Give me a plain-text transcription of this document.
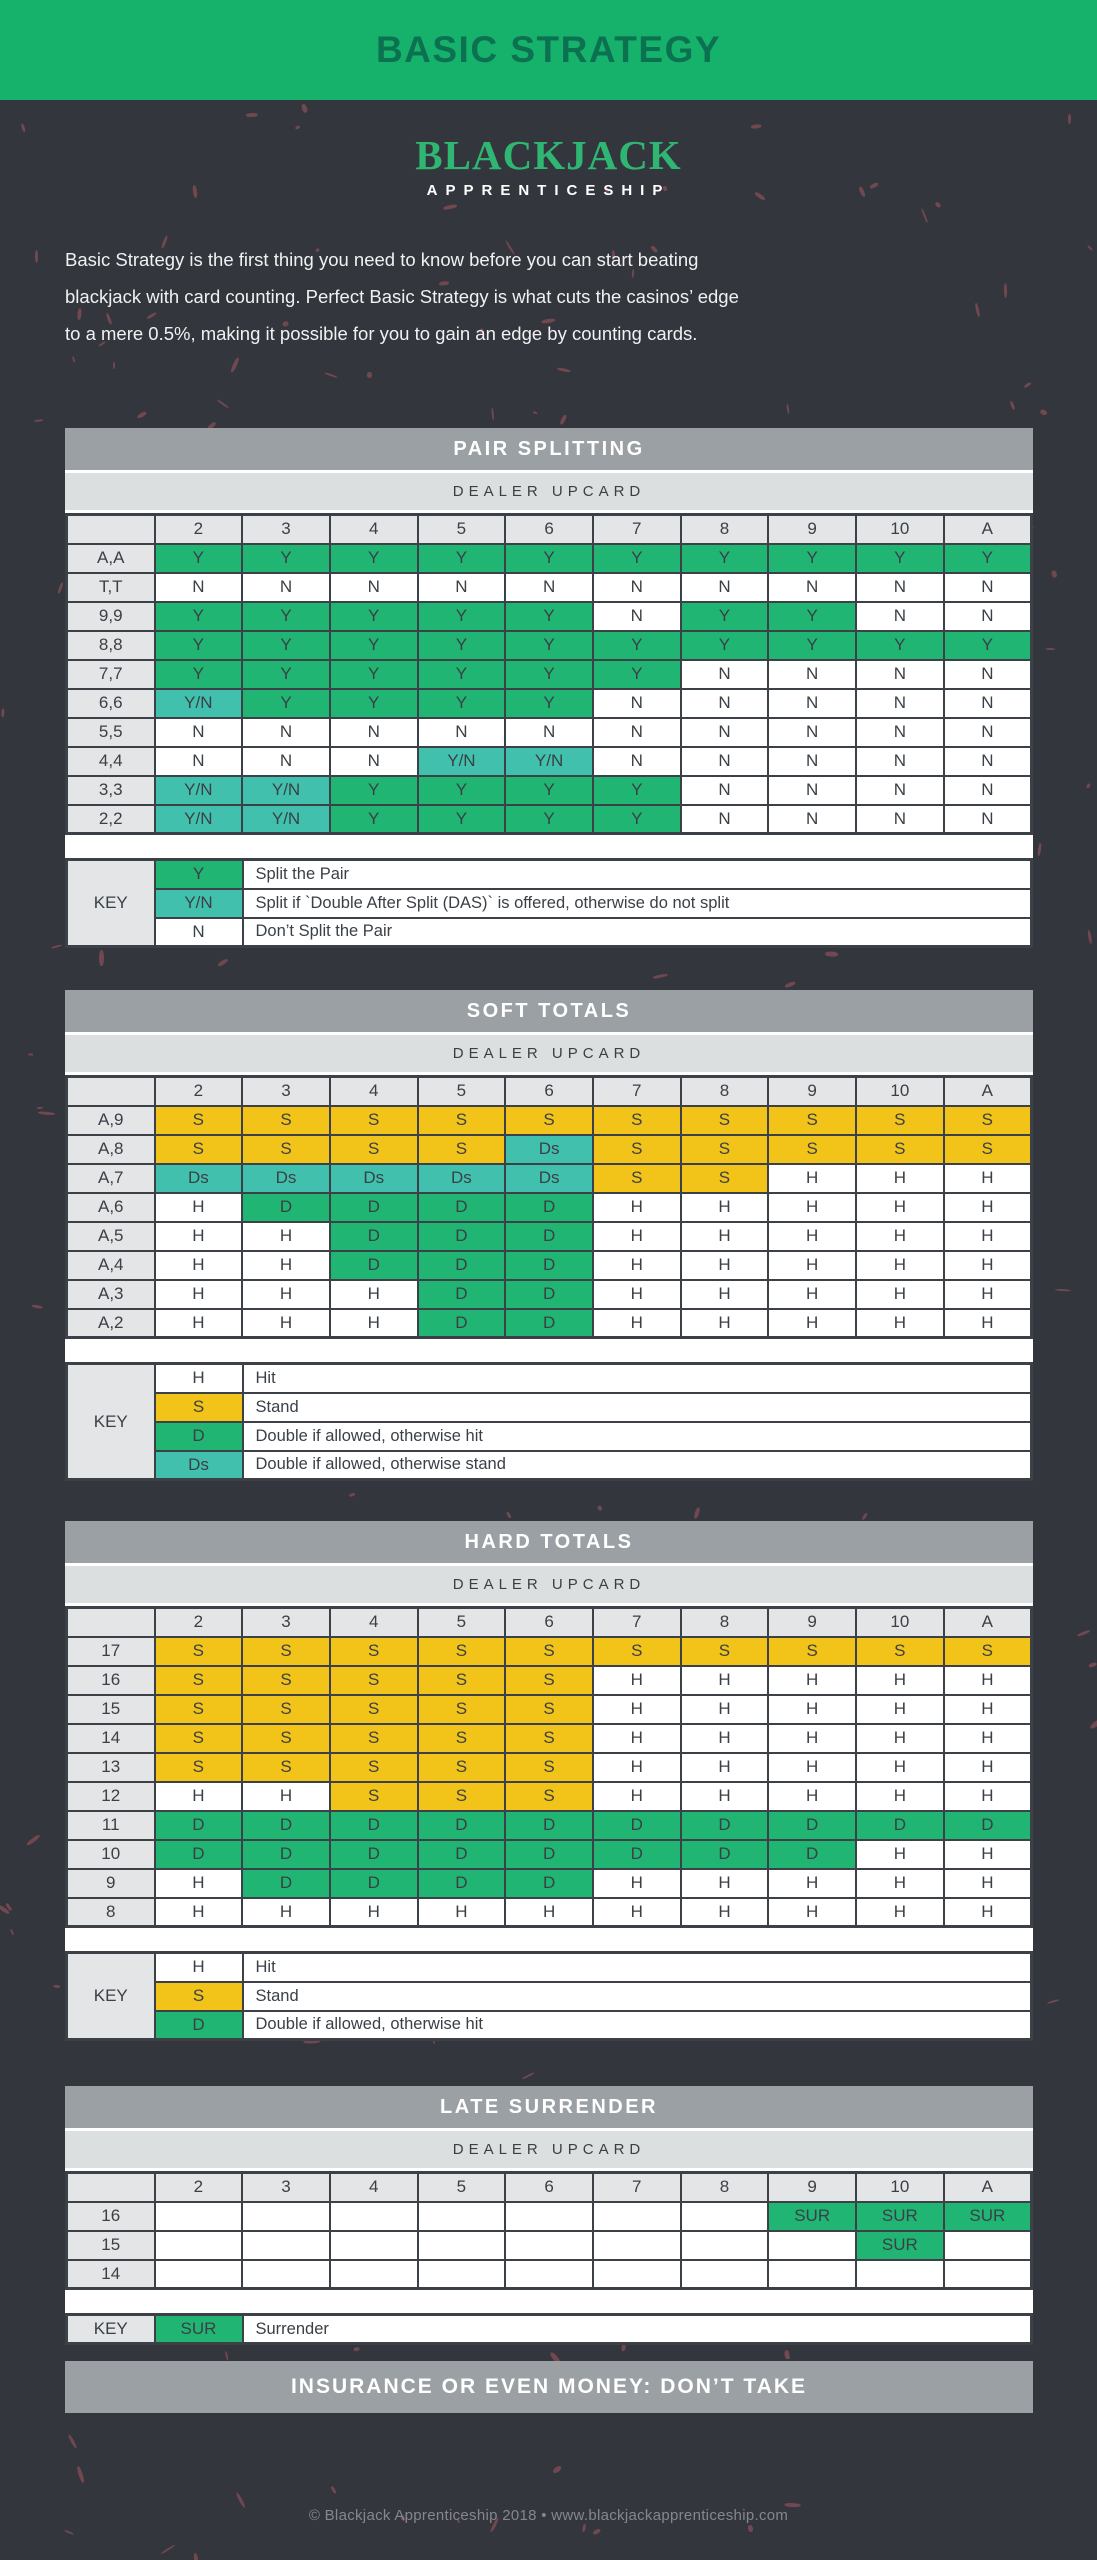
BASIC STRATEGY
BLACKJACK
APPRENTICESHIP
Basic Strategy is the first thing you need to know before you can start beating
blackjack with card counting. Perfect Basic Strategy is what cuts the casinos’ edge
to a mere 0.5%, making it possible for you to gain an edge by counting cards.
PAIR SPLITTING
DEALER UPCARD
	2	3	4	5	6	7	8	9	10	A
A,A	Y	Y	Y	Y	Y	Y	Y	Y	Y	Y
T,T	N	N	N	N	N	N	N	N	N	N
9,9	Y	Y	Y	Y	Y	N	Y	Y	N	N
8,8	Y	Y	Y	Y	Y	Y	Y	Y	Y	Y
7,7	Y	Y	Y	Y	Y	Y	N	N	N	N
6,6	Y/N	Y	Y	Y	Y	N	N	N	N	N
5,5	N	N	N	N	N	N	N	N	N	N
4,4	N	N	N	Y/N	Y/N	N	N	N	N	N
3,3	Y/N	Y/N	Y	Y	Y	Y	N	N	N	N
2,2	Y/N	Y/N	Y	Y	Y	Y	N	N	N	N
KEY	Y	Split the Pair
	Y/N	Split if `Double After Split (DAS)` is offered, otherwise do not split
	N	Don’t Split the Pair
SOFT TOTALS
DEALER UPCARD
	2	3	4	5	6	7	8	9	10	A
A,9	S	S	S	S	S	S	S	S	S	S
A,8	S	S	S	S	Ds	S	S	S	S	S
A,7	Ds	Ds	Ds	Ds	Ds	S	S	H	H	H
A,6	H	D	D	D	D	H	H	H	H	H
A,5	H	H	D	D	D	H	H	H	H	H
A,4	H	H	D	D	D	H	H	H	H	H
A,3	H	H	H	D	D	H	H	H	H	H
A,2	H	H	H	D	D	H	H	H	H	H
KEY	H	Hit
	S	Stand
	D	Double if allowed, otherwise hit
	Ds	Double if allowed, otherwise stand
HARD TOTALS
DEALER UPCARD
	2	3	4	5	6	7	8	9	10	A
17	S	S	S	S	S	S	S	S	S	S
16	S	S	S	S	S	H	H	H	H	H
15	S	S	S	S	S	H	H	H	H	H
14	S	S	S	S	S	H	H	H	H	H
13	S	S	S	S	S	H	H	H	H	H
12	H	H	S	S	S	H	H	H	H	H
11	D	D	D	D	D	D	D	D	D	D
10	D	D	D	D	D	D	D	D	H	H
9	H	D	D	D	D	H	H	H	H	H
8	H	H	H	H	H	H	H	H	H	H
KEY	H	Hit
	S	Stand
	D	Double if allowed, otherwise hit
LATE SURRENDER
DEALER UPCARD
	2	3	4	5	6	7	8	9	10	A
16								SUR	SUR	SUR
15									SUR	
14										
KEY	SUR	Surrender
INSURANCE OR EVEN MONEY: DON’T TAKE
© Blackjack Apprenticeship 2018 • www.blackjackapprenticeship.com
